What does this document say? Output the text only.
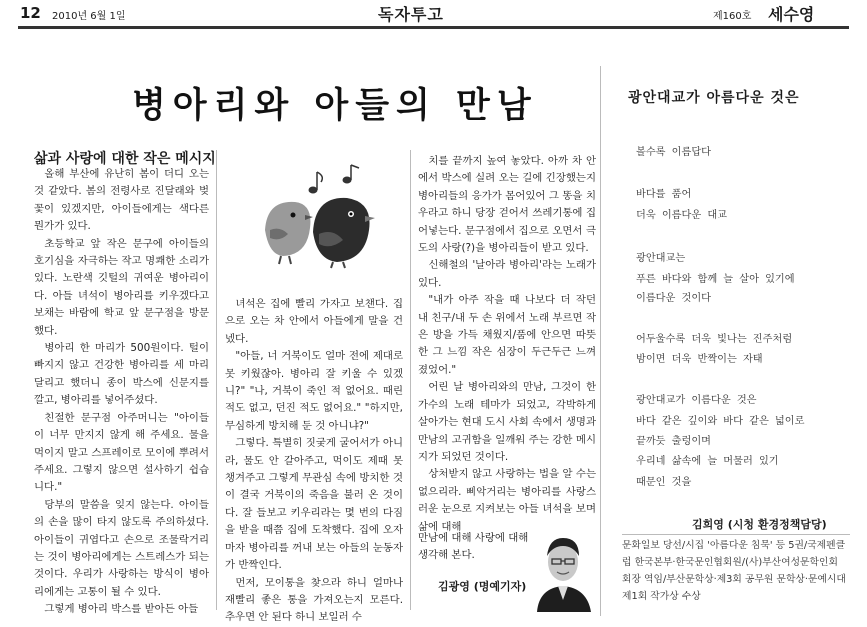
12 2010년 6월 1일	독자투고	제160호 세수영
병아리와 아들의 만남
삶과 사랑에 대한 작은 메시지

올해 부산에 유난히 봄이 더디 오는 것 같았다. 봄의 전령사로 진달래와 벚꽃이 있겠지만, 아이들에게는 색다른 뭔가가 있다.

초등학교 앞 작은 문구에 아이들의 호기심을 자극하는 작고 명쾌한 소리가 있다. 노란색 깃털의 귀여운 병아리이다. 아들 녀석이 병아리를 키우겠다고 보채는 바람에 학교 앞 문구점을 방문했다.

병아리 한 마리가 500원이다. 털이 빠지지 않고 건강한 병아리를 세 마리 달리고 했더니 종이 박스에 신문지를 깔고, 병아리를 넣어주셨다.

친절한 문구점 아주머니는 "아이들이 너무 만지지 않게 해 주세요. 물을 먹이지 말고 스프레이로 모이에 뿌려서 주세요. 그렇지 않으면 설사하기 쉽습니다."

당부의 말씀을 잊지 않는다. 아이들의 손을 많이 타지 않도록 주의하셨다. 아이들이 귀엽다고 손으로 조물락거리는 것이 병아리에게는 스트레스가 되는 것이다. 우리가 사랑하는 방식이 병아리에게는 고통이 될 수 있다.

그렇게 병아리 박스를 받아든 아들

녀석은 집에 빨리 가자고 보챈다. 집으로 오는 차 안에서 아들에게 말을 건넸다.

"아들, 너 거북이도 얼마 전에 제대로 못 키웠잖아. 병아리 잘 키울 수 있겠니?" "나, 거북이 죽인 적 없어요. 때린 적도 없고, 던진 적도 없어요." "하지만, 무심하게 방치해 둔 것 아니냐?"

그렇다. 특별히 짓궂게 굴어서가 아니라, 물도 안 갈아주고, 먹이도 제때 못 챙겨주고 그렇게 무관심 속에 방치한 것이 결국 거북이의 죽음을 불러 온 것이다. 잘 들보고 키우리라는 몇 번의 다짐을 받을 때쯤 집에 도착했다. 집에 오자마자 병아리를 꺼내 보는 아들의 눈동자가 반짝인다.

먼저, 모이통을 찾으라 하니 얼마나 재빨리 좋은 통을 가져오는지 모른다. 추우면 안 된다 하니 보일러 수

치를 끝까지 높여 놓았다. 아까 차 안에서 박스에 실려 오는 길에 긴장했는지 병아리들의 응가가 몸어있어 그 똥을 치우라고 하니 당장 걷어서 쓰레기통에 집어넣는다. 문구점에서 집으로 오면서 극도의 사랑(?)을 병아리들이 받고 있다.

신해철의 '날아라 병아리'라는 노래가 있다.

"내가 아주 작을 때 나보다 더 작던 내 친구/내 두 손 위에서 노래 부르면 작은 방을 가득 채웠지/품에 안으면 따뜻한 그 느낌 작은 심장이 두근두근 느껴졌었어."

어린 날 병아리와의 만남, 그것이 한 가수의 노래 테마가 되었고, 각박하게 살아가는 현대 도시 사회 속에서 생명과 만남의 고귀함을 일깨워 주는 강한 메시지가 되었던 것이다.

상처받지 않고 사랑하는 법을 알 수는 없으리라. 삐악거리는 병아리를 사랑스러운 눈으로 지켜보는 아들 녀석을 보며 삶에 대해

만남에 대해 사랑에 대해 생각해 본다.
김광영 (명예기자)
광안대교가 아름다운 것은
볼수록 이름답다
바다를 품어
더욱 이름다운 대교
광안대교는
푸른 바다와 함께 늘 살아 있기에
이름다운 것이다
어두울수록 더욱 빛나는 진주처럼
밤이면 더욱 반짝이는 자태
광안대교가 이름다운 것은
바다 같은 깊이와 바다 같은 넓이로
끝까듯 출렁이며
우리네 삶속에 늘 머물러 있기
때문인 것을
김희영 (시청 환경정책담당)
문화일보 당선/시집 '아름다운 침묵' 등 5권/국제펜클럽 한국본부·한국문인협회원/(사)부산여성문학인회 회장 역임/부산문학상·제3회 공무원 문학상·문예시대 제1회 작가상 수상
